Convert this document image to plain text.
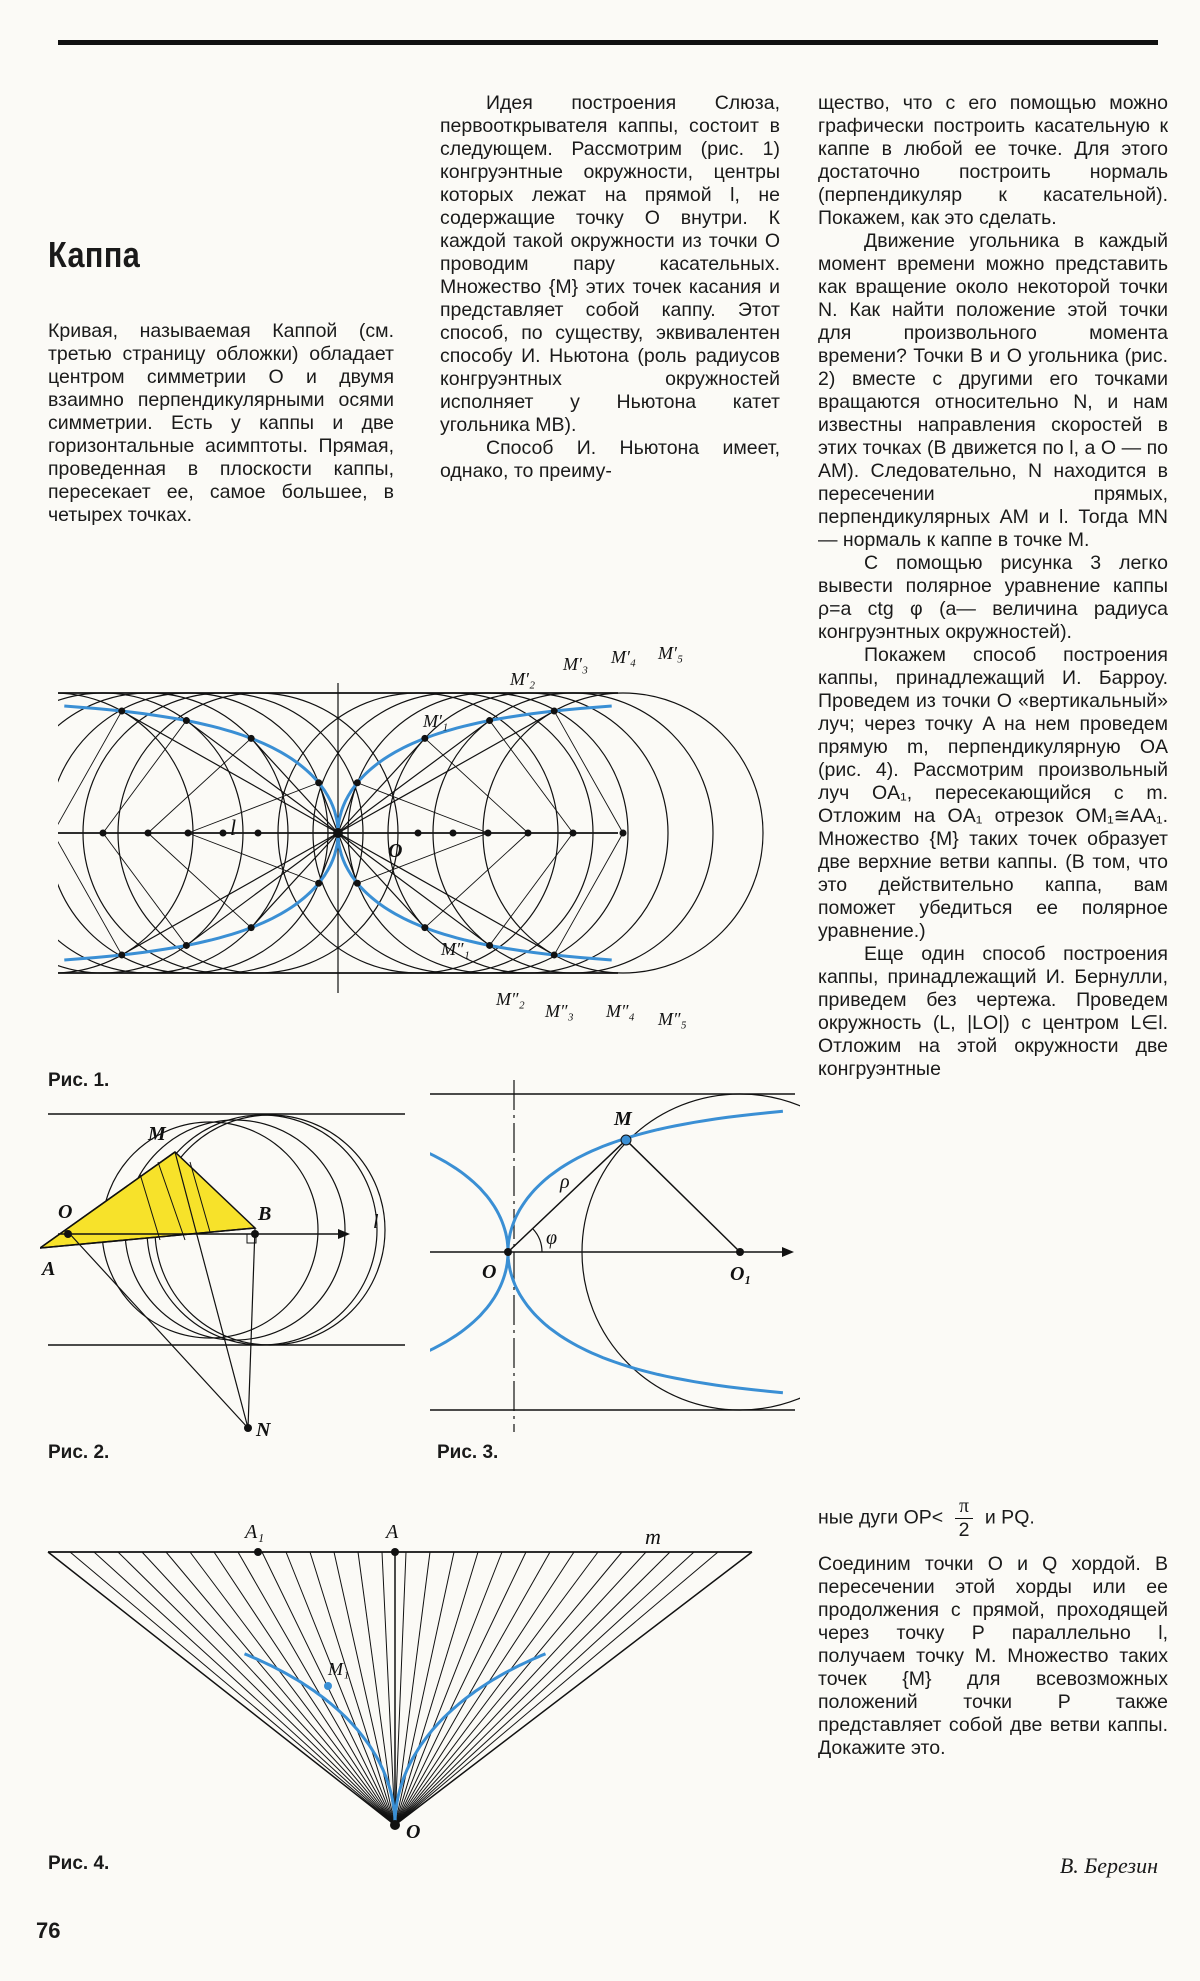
Каппа

Кривая, называемая Каппой (см. третью страницу обложки) обладает центром симметрии O и двумя взаимно перпендикулярными осями симметрии. Есть у каппы и две горизонтальные асимптоты. Прямая, проведенная в плоскости каппы, пересекает ее, самое большее, в четырех точках.

Идея построения Слюза, первооткрывателя каппы, состоит в следующем. Рассмотрим (рис. 1) конгруэнтные окружности, центры которых лежат на прямой l, не содержащие точку O внутри. К каждой такой окружности из точки O проводим пару касательных. Множество {M} этих точек касания и представляет собой каппу. Этот способ, по существу, эквивалентен способу И. Ньютона (роль радиусов конгруэнтных окружностей исполняет у Ньютона катет угольника MB).

Способ И. Ньютона имеет, однако, то преиму-

щество, что с его помощью можно графически построить касательную к каппе в любой ее точке. Для этого достаточно построить нормаль (перпендикуляр к касательной). Покажем, как это сделать.

Движение угольника в каждый момент времени можно представить как вращение около некоторой точки N. Как найти положение этой точки для произвольного момента времени? Точки B и O угольника (рис. 2) вместе с другими его точками вращаются относительно N, и нам известны направления скоростей в этих точках (B движется по l, а O — по AM). Следовательно, N находится в пересечении прямых, перпендикулярных AM и l. Тогда MN — нормаль к каппе в точке M.

С помощью рисунка 3 легко вывести полярное уравнение каппы ρ=a ctg φ (a— величина радиуса конгруэнтных окружностей).

Покажем способ построения каппы, принадлежащий И. Барроу. Проведем из точки O «вертикальный» луч; через точку A на нем проведем прямую m, перпендикулярную OA (рис. 4). Рассмотрим произвольный луч OA₁, пересекающийся с m. Отложим на OA₁ отрезок OM₁≅AA₁. Множество {M} таких точек образует две верхние ветви каппы. (В том, что это действительно каппа, вам поможет убедиться ее полярное уравнение.)

Еще один способ построения каппы, принадлежащий И. Бернулли, приведем без чертежа. Проведем окружность (L, |LO|) с центром L∈l. Отложим на этой окружности две конгруэнтные

ные дуги $OP< \frac{\pi}{2}$ и PQ.

Соединим точки O и Q хордой. В пересечении этой хорды или ее продолжения с прямой, проходящей через точку P параллельно l, получаем точку M. Множество таких точек {M} для всевозможных положений точки P также представляет собой две ветви каппы. Докажите это.

l
O
M′₁
M′₂
M′₃ M′₄ M′₅
M″₁
M″₂
M″₃ M″₄ M″₅
Рис. 1.
M
O	B	l
A
N
Рис. 2.
M
ρ
φ
O	O₁
Рис. 3.
A₁	A	m
M₁
O
Рис. 4.	В. Березин
76
